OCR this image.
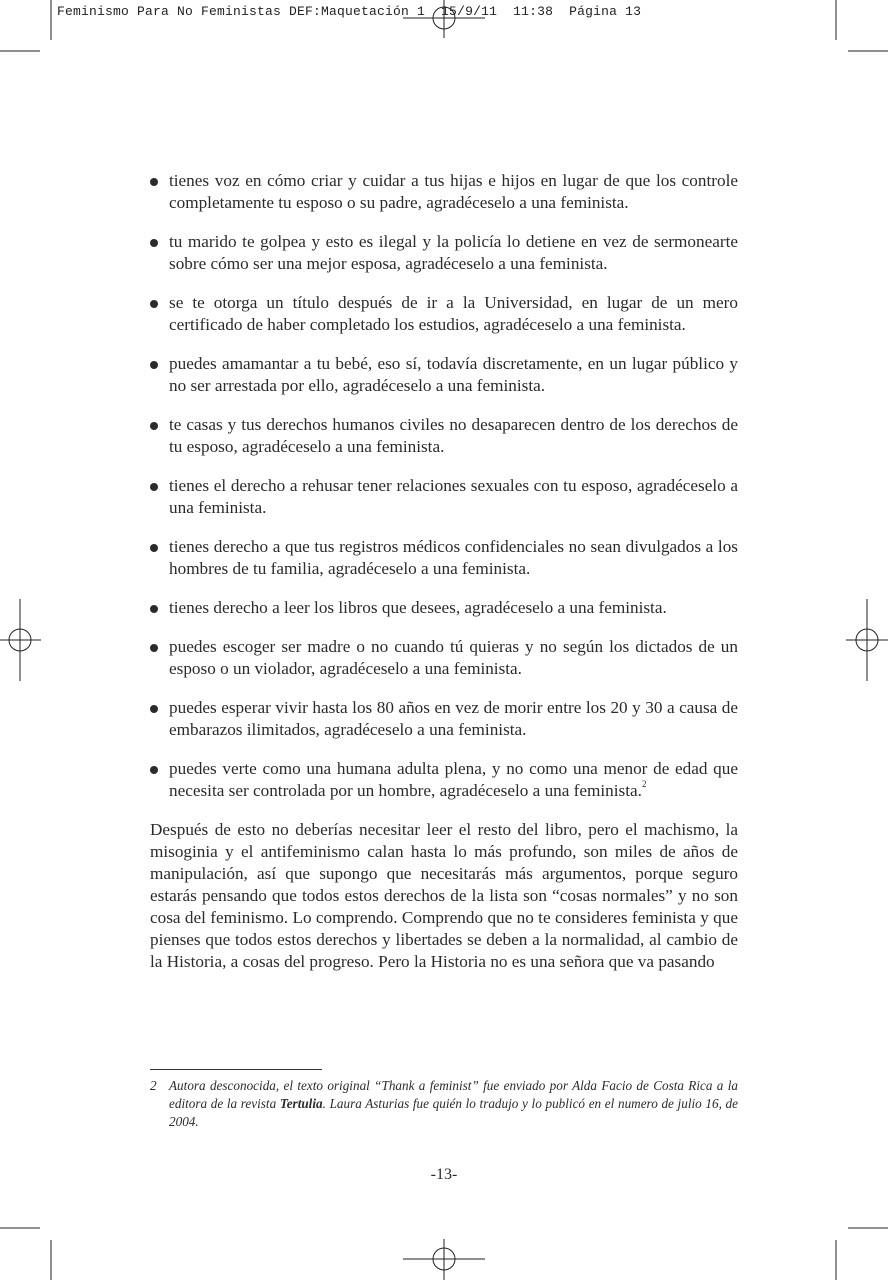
Feminismo Para No Feministas DEF:Maquetación 1  15/9/11  11:38  Página 13
tienes voz en cómo criar y cuidar a tus hijas e hijos en lugar de que los controle completamente tu esposo o su padre, agradéceselo a una feminista.
tu marido te golpea y esto es ilegal y la policía lo detiene en vez de sermonearte sobre cómo ser una mejor esposa, agradéceselo a una feminista.
se te otorga un título después de ir a la Universidad, en lugar de un mero certificado de haber completado los estudios, agradéceselo a una feminista.
puedes amamantar a tu bebé, eso sí, todavía discretamente, en un lugar público y no ser arrestada por ello, agradéceselo a una feminista.
te casas y tus derechos humanos civiles no desaparecen dentro de los derechos de tu esposo, agradéceselo a una feminista.
tienes el derecho a rehusar tener relaciones sexuales con tu esposo, agradéceselo a una feminista.
tienes derecho a que tus registros médicos confidenciales no sean divulgados a los hombres de tu familia, agradéceselo a una feminista.
tienes derecho a leer los libros que desees, agradéceselo a una feminista.
puedes escoger ser madre o no cuando tú quieras y no según los dictados de un esposo o un violador, agradéceselo a una feminista.
puedes esperar vivir hasta los 80 años en vez de morir entre los 20 y 30 a causa de embarazos ilimitados, agradéceselo a una feminista.
puedes verte como una humana adulta plena, y no como una menor de edad que necesita ser controlada por un hombre, agradéceselo a una feminista.$^2$

Después de esto no deberías necesitar leer el resto del libro, pero el machismo, la misoginia y el antifeminismo calan hasta lo más profundo, son miles de años de manipulación, así que supongo que necesitarás más argumentos, porque seguro estarás pensando que todos estos derechos de la lista son “cosas normales” y no son cosa del feminismo. Lo comprendo. Comprendo que no te consideres feminista y que pienses que todos estos derechos y libertades se deben a la normalidad, al cambio de la Historia, a cosas del progreso. Pero la Historia no es una señora que va pasando

2 Autora desconocida, el texto original “Thank a feminist” fue enviado por Alda Facio de Costa Rica a la editora de la revista Tertulia. Laura Asturias fue quién lo tradujo y lo publicó en el numero de julio 16, de 2004.
-13-
